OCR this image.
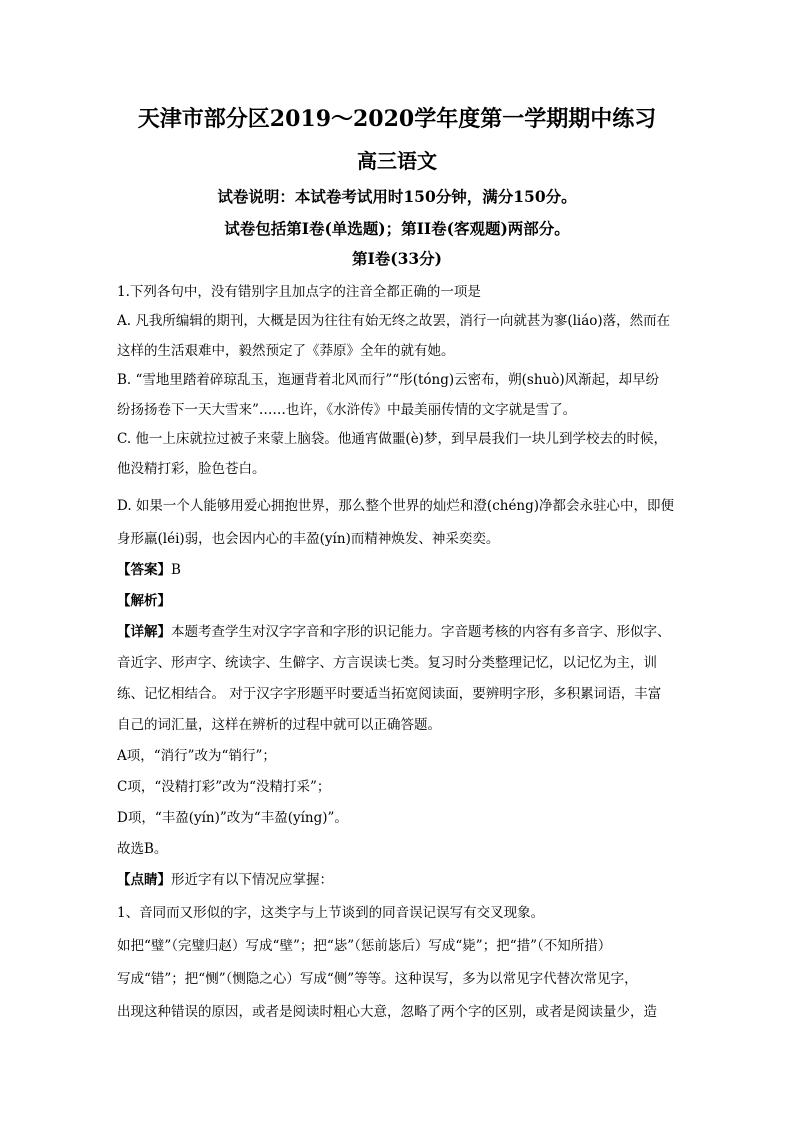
天津市部分区2019～2020学年度第一学期期中练习
高三语文
试卷说明：本试卷考试用时150分钟，满分150分。
试卷包括第I卷(单选题)；第II卷(客观题)两部分。
第I卷(33分)
1.下列各句中，没有错别字且加点字的注音全都正确的一项是
A. 凡我所编辑的期刊，大概是因为往往有始无终之故罢，消行一向就甚为寥(liáo)落，然而在
这样的生活艰难中，毅然预定了《莽原》全年的就有她。
B. “雪地里踏着碎琼乱玉，迤逦背着北风而行”“彤(tóng)云密布，朔(shuò)风渐起，却早纷
纷扬扬卷下一天大雪来”……也许，《水浒传》中最美丽传情的文字就是雪了。
C. 他一上床就拉过被子来蒙上脑袋。他通宵做噩(è)梦，到早晨我们一块儿到学校去的时候，
他没精打彩，脸色苍白。
D. 如果一个人能够用爱心拥抱世界，那么整个世界的灿烂和澄(chéng)净都会永驻心中，即便
身形羸(léi)弱，也会因内心的丰盈(yín)而精神焕发、神采奕奕。
【答案】B
【解析】
【详解】本题考查学生对汉字字音和字形的识记能力。字音题考核的内容有多音字、形似字、
音近字、形声字、统读字、生僻字、方言误读七类。复习时分类整理记忆，以记忆为主，训
练、记忆相结合。 对于汉字字形题平时要适当拓宽阅读面，要辨明字形，多积累词语，丰富
自己的词汇量，这样在辨析的过程中就可以正确答题。
A项，“消行”改为“销行”；
C项，“没精打彩”改为“没精打采”；
D项，“丰盈(yín)”改为“丰盈(yíng)”。
故选B。
【点睛】形近字有以下情况应掌握：
1、音同而又形似的字，这类字与上节谈到的同音误记误写有交叉现象。
如把“璧”（完璧归赵）写成“壁”；把“毖”（惩前毖后）写成“毙”；把“措”（不知所措）
写成“错”；把“恻”（恻隐之心）写成“侧”等等。这种误写，多为以常见字代替次常见字，
出现这种错误的原因，或者是阅读时粗心大意，忽略了两个字的区别，或者是阅读量少，造
